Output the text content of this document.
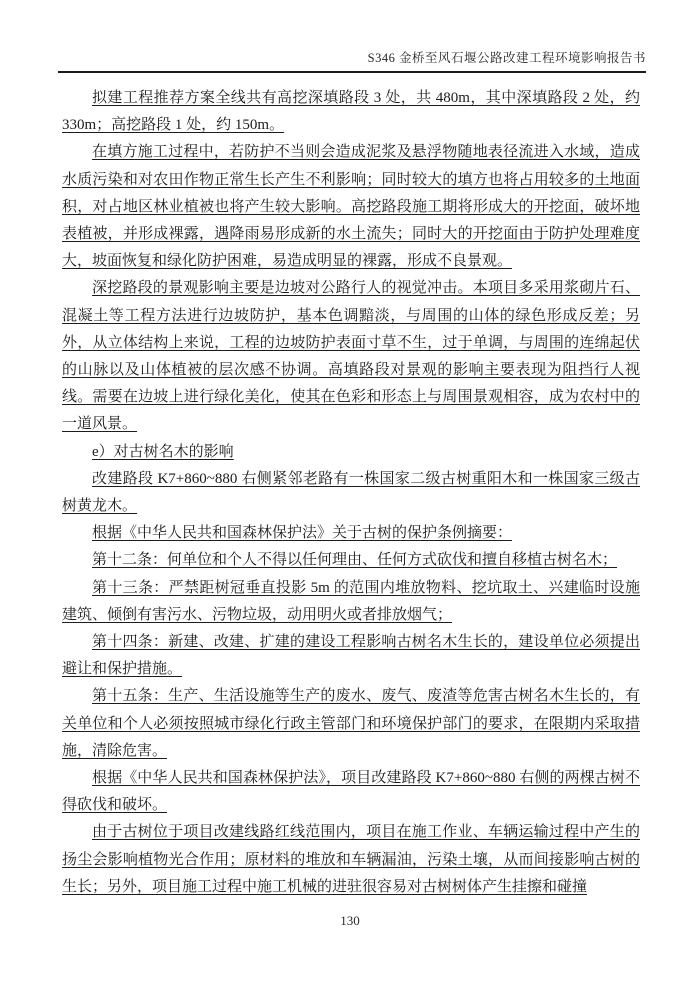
S346 金桥至风石堰公路改建工程环境影响报告书

拟建工程推荐方案全线共有高挖深填路段 3 处，共 480m，其中深填路段 2 处，约 330m；高挖路段 1 处，约 150m。

在填方施工过程中，若防护不当则会造成泥浆及悬浮物随地表径流进入水域，造成水质污染和对农田作物正常生长产生不利影响；同时较大的填方也将占用较多的土地面积，对占地区林业植被也将产生较大影响。高挖路段施工期将形成大的开挖面，破坏地表植被，并形成裸露，遇降雨易形成新的水土流失；同时大的开挖面由于防护处理难度大，坡面恢复和绿化防护困难，易造成明显的裸露，形成不良景观。

深挖路段的景观影响主要是边坡对公路行人的视觉冲击。本项目多采用浆砌片石、混凝土等工程方法进行边坡防护，基本色调黯淡，与周围的山体的绿色形成反差；另外，从立体结构上来说，工程的边坡防护表面寸草不生，过于单调，与周围的连绵起伏的山脉以及山体植被的层次感不协调。高填路段对景观的影响主要表现为阻挡行人视线。需要在边坡上进行绿化美化，使其在色彩和形态上与周围景观相容，成为农村中的一道风景。

e）对古树名木的影响

改建路段 K7+860~880 右侧紧邻老路有一株国家二级古树重阳木和一株国家三级古树黄龙木。

根据《中华人民共和国森林保护法》关于古树的保护条例摘要：

第十二条：何单位和个人不得以任何理由、任何方式砍伐和擅自移植古树名木；

第十三条：严禁距树冠垂直投影 5m 的范围内堆放物料、挖坑取土、兴建临时设施建筑、倾倒有害污水、污物垃圾，动用明火或者排放烟气；

第十四条：新建、改建、扩建的建设工程影响古树名木生长的，建设单位必须提出避让和保护措施。

第十五条：生产、生活设施等生产的废水、废气、废渣等危害古树名木生长的，有关单位和个人必须按照城市绿化行政主管部门和环境保护部门的要求，在限期内采取措施，清除危害。

根据《中华人民共和国森林保护法》，项目改建路段 K7+860~880 右侧的两棵古树不得砍伐和破坏。

由于古树位于项目改建线路红线范围内，项目在施工作业、车辆运输过程中产生的扬尘会影响植物光合作用；原材料的堆放和车辆漏油，污染土壤，从而间接影响古树的生长；另外，项目施工过程中施工机械的进驻很容易对古树树体产生挂擦和碰撞

130
